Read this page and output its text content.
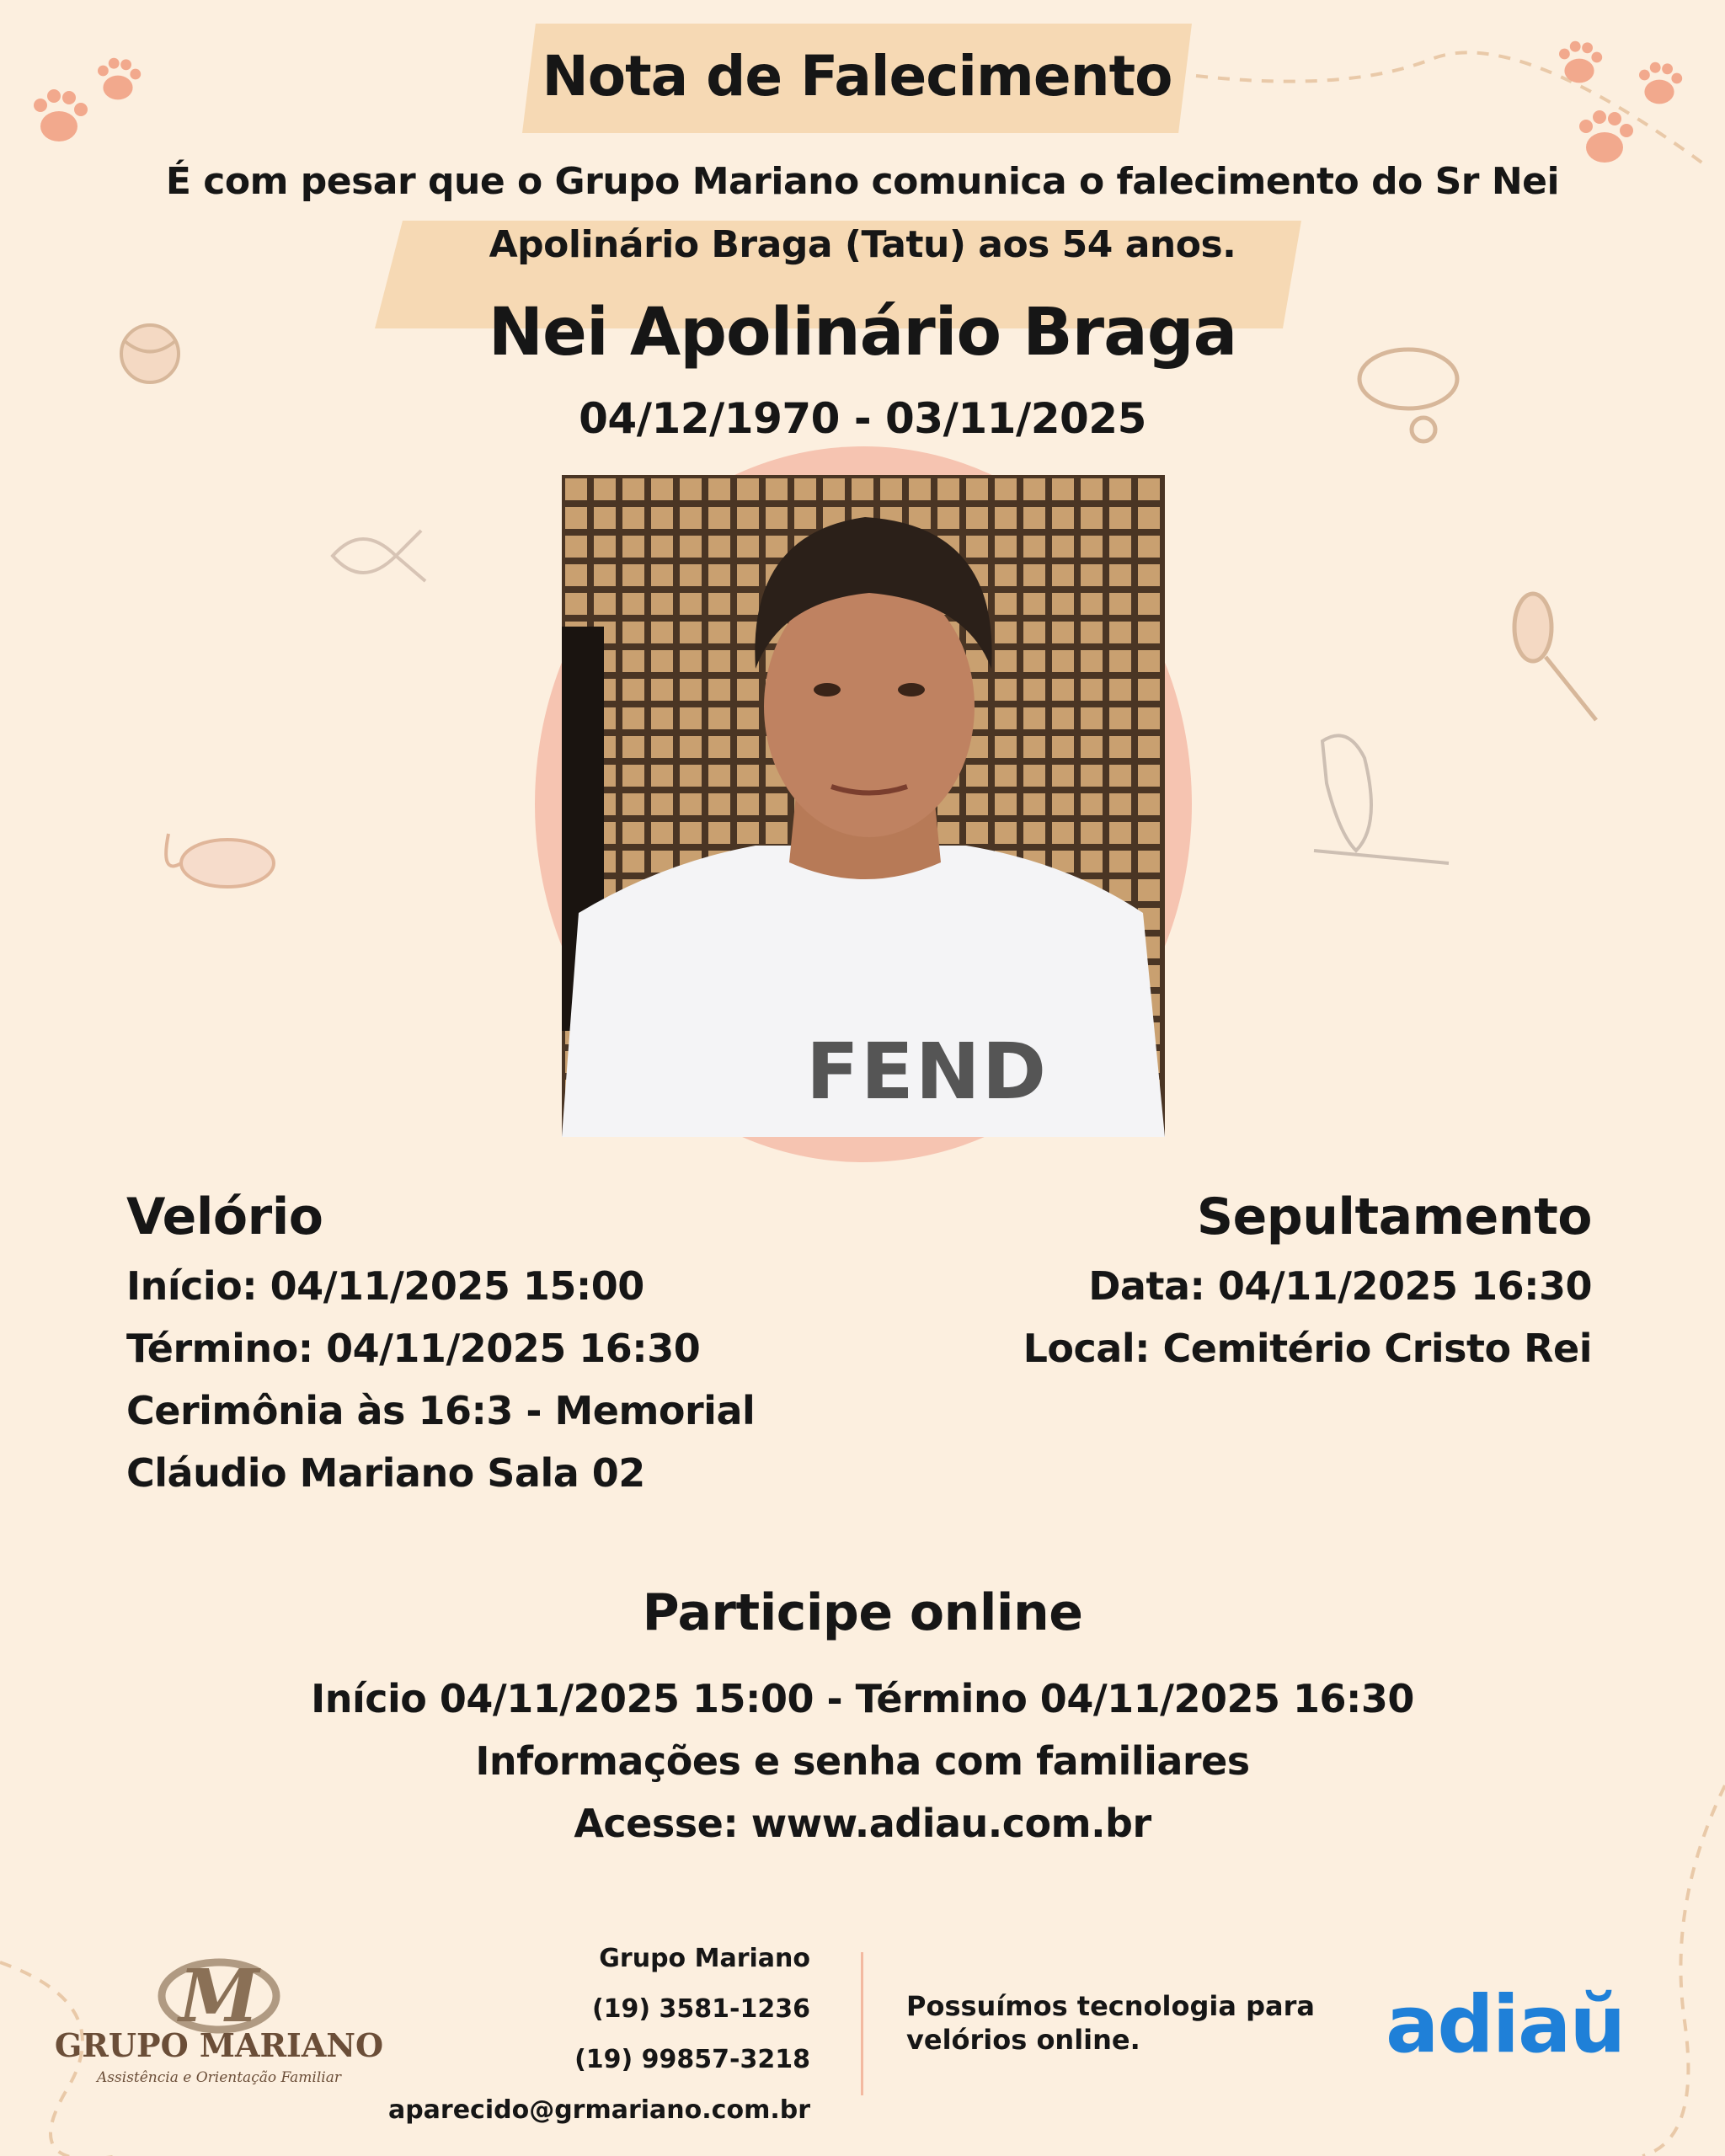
Nota de Falecimento
É com pesar que o Grupo Mariano comunica o falecimento do Sr Nei
Apolinário Braga (Tatu) aos 54 anos.
Nei Apolinário Braga
04/12/1970 - 03/11/2025
FEND
Velório
Início: 04/11/2025 15:00
Término: 04/11/2025 16:30
Cerimônia às 16:3 - Memorial
Cláudio Mariano Sala 02
Sepultamento
Data: 04/11/2025 16:30
Local: Cemitério Cristo Rei
Participe online
Início 04/11/2025 15:00 - Término 04/11/2025 16:30
Informações e senha com familiares
Acesse: www.adiau.com.br
M
GRUPO MARIANO
Assistência e Orientação Familiar
Grupo Mariano
(19) 3581-1236
(19) 99857-3218
aparecido@grmariano.com.br
Possuímos tecnologia para
velórios online.	adiaŭ
